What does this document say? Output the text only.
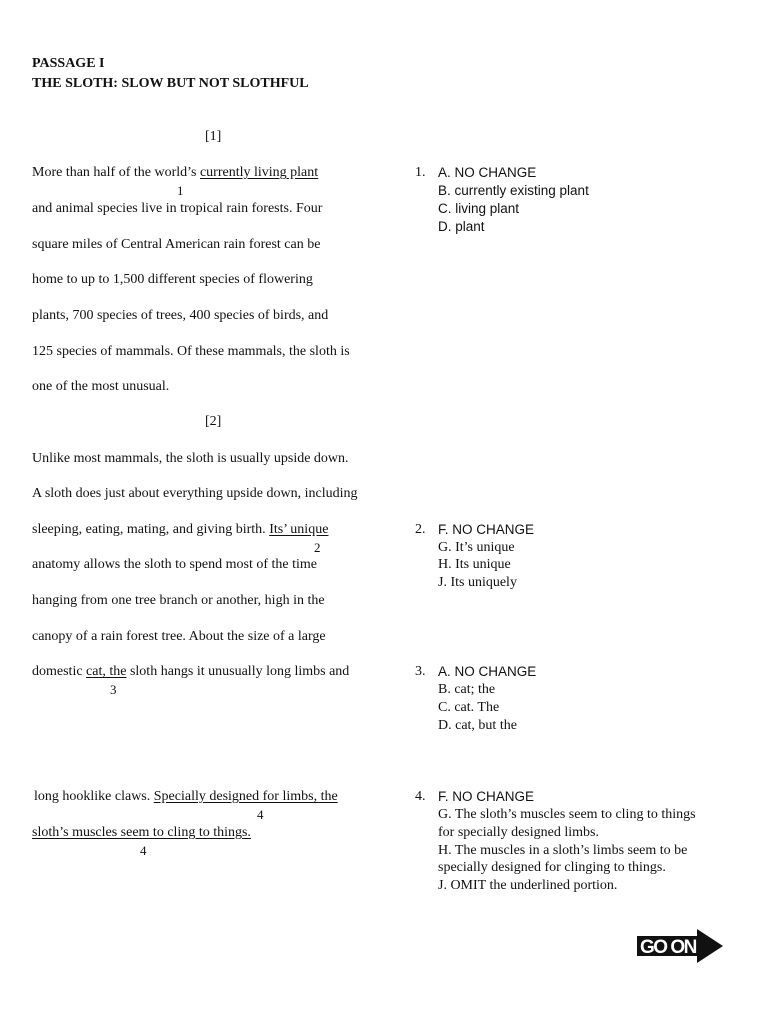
PASSAGE I
THE SLOTH: SLOW BUT NOT SLOTHFUL
[1]
[2]
More than half of the world’s currently living plant
1
and animal species live in tropical rain forests. Four
square miles of Central American rain forest can be
home to up to 1,500 different species of flowering
plants, 700 species of trees, 400 species of birds, and
125 species of mammals. Of these mammals, the sloth is
one of the most unusual.
Unlike most mammals, the sloth is usually upside down.
A sloth does just about everything upside down, including
sleeping, eating, mating, and giving birth. Its’ unique
2
anatomy allows the sloth to spend most of the time
hanging from one tree branch or another, high in the
canopy of a rain forest tree. About the size of a large
domestic cat, the sloth hangs it unusually long limbs and
3
long hooklike claws. Specially designed for limbs, the
4
sloth’s muscles seem to cling to things.
4
1. A. NO CHANGE
B. currently existing plant
C. living plant
D. plant
2. F. NO CHANGE
G. It’s unique
H. Its unique
J. Its uniquely
3. A. NO CHANGE
B. cat; the
C. cat. The
D. cat, but the
4. F. NO CHANGE
G. The sloth’s muscles seem to cling to things
for specially designed limbs.
H. The muscles in a sloth’s limbs seem to be
specially designed for clinging to things.
J. OMIT the underlined portion.
GO ON
